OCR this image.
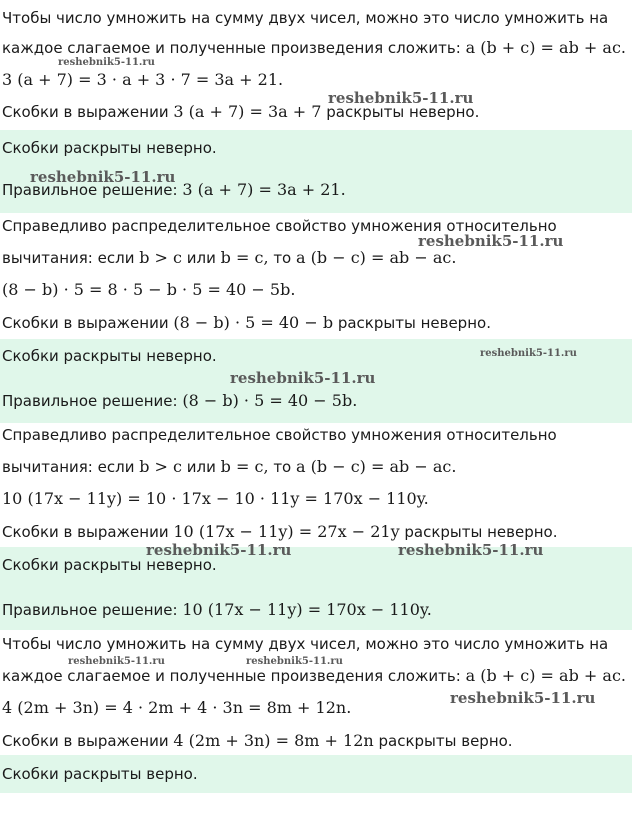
Чтобы число умножить на сумму двух чисел, можно это число умножить на
каждое слагаемое и полученные произведения сложить: a (b + c) = ab + ac.
3 (a + 7) = 3 · a + 3 · 7 = 3a + 21.
Скобки в выражении 3 (a + 7) = 3a + 7 раскрыты неверно.
Скобки раскрыты неверно.
Правильное решение: 3 (a + 7) = 3a + 21.
Справедливо распределительное свойство умножения относительно
вычитания: если b > c или b = c, то a (b − c) = ab − ac.
(8 − b) · 5 = 8 · 5 − b · 5 = 40 − 5b.
Скобки в выражении (8 − b) · 5 = 40 − b раскрыты неверно.
Скобки раскрыты неверно.
Правильное решение: (8 − b) · 5 = 40 − 5b.
Справедливо распределительное свойство умножения относительно
вычитания: если b > c или b = c, то a (b − c) = ab − ac.
10 (17x − 11y) = 10 · 17x − 10 · 11y = 170x − 110y.
Скобки в выражении 10 (17x − 11y) = 27x − 21y раскрыты неверно.
Скобки раскрыты неверно.
Правильное решение: 10 (17x − 11y) = 170x − 110y.
Чтобы число умножить на сумму двух чисел, можно это число умножить на
каждое слагаемое и полученные произведения сложить: a (b + c) = ab + ac.
4 (2m + 3n) = 4 · 2m + 4 · 3n = 8m + 12n.
Скобки в выражении 4 (2m + 3n) = 8m + 12n раскрыты верно.
Скобки раскрыты верно.
reshebnik5-11.ru
reshebnik5-11.ru
reshebnik5-11.ru
reshebnik5-11.ru
reshebnik5-11.ru
reshebnik5-11.ru
reshebnik5-11.ru	reshebnik5-11.ru
reshebnik5-11.ru	reshebnik5-11.ru
reshebnik5-11.ru
